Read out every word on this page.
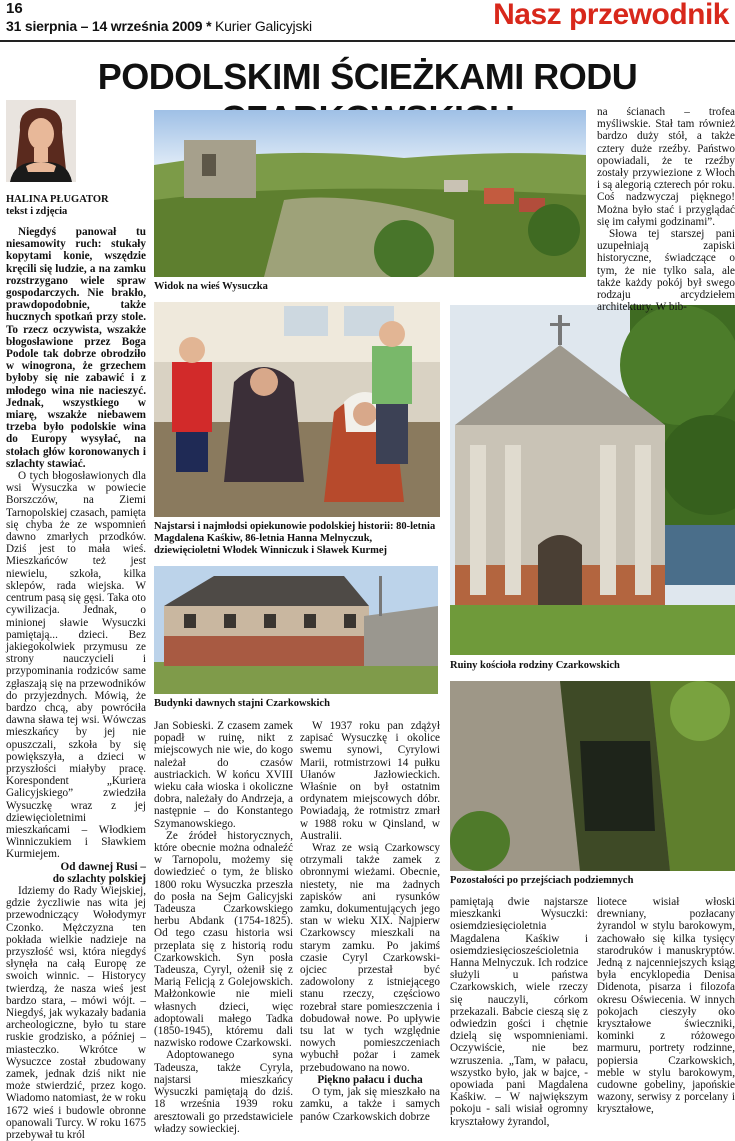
16
31 sierpnia – 14 września 2009 * Kurier Galicyjski	Nasz przewodnik
PODOLSKIMI ŚCIEŻKAMI RODU
HALINA PŁUGATOR
tekst i zdjęcia

Niegdyś panował tu niesamowity ruch: stukały kopytami konie, wszędzie kręcili się ludzie, a na zamku rozstrzygano wiele spraw gospodarczych. Nie brakło, prawdopodobnie, także hucznych spotkań przy stole. To rzecz oczywista, wszakże błogosławione przez Boga Podole tak dobrze obrodziło w winogrona, że grzechem byłoby się nie zabawić i z młodego wina nie nacieszyć. Jednak, wszystkiego w miarę, wszakże niebawem trzeba było podolskie wina do Europy wysyłać, na stołach głów koronowanych i szlachty stawiać.

O tych błogosławionych dla wsi Wysuczka w powiecie Borszczów, na Ziemi Tarnopolskiej czasach, pamięta się chyba że ze wspomnień dawno zmarłych przodków. Dziś jest to mała wieś. Mieszkańców też jest niewielu, szkoła, kilka sklepów, rada wiejska. W centrum pasą się gęsi. Taka oto cywilizacja. Jednak, o minionej sławie Wysuczki pamiętają... dzieci. Bez jakiegokolwiek przymusu ze strony nauczycieli i przypominania rodziców same zgłaszają się na przewodników do przyjezdnych. Mówią, że bardzo chcą, aby powróciła dawna sława tej wsi. Wówczas mieszkańcy by jej nie opuszczali, szkoła by się powiększyła, a dzieci w przyszłości miałyby pracę. Korespondent „Kuriera Galicyjskiego” zwiedziła Wysuczkę wraz z jej dziewięcioletnimi mieszkańcami – Włodkiem Winniczukiem i Sławkiem Kurmiejem.

Od dawnej Rusi –

do szlachty polskiej

Idziemy do Rady Wiejskiej, gdzie życzliwie nas wita jej przewodniczący Wołodymyr Czonko. Mężczyzna ten pokłada wielkie nadzieje na przyszłość wsi, która niegdyś słynęła na całą Europę ze swoich winnic. – Historycy twierdzą, że nasza wieś jest bardzo stara, – mówi wójt. – Niegdyś, jak wykazały badania archeologiczne, było tu stare ruskie grodzisko, a później – miasteczko. Wkrótce w Wysuczce został zbudowany zamek, jednak dziś nikt nie może stwierdzić, przez kogo. Wiadomo natomiast, że w roku 1672 wieś i budowle obronne opanowali Turcy. W roku 1675 przebywał tu król

Widok na wieś Wysuczka
Najstarsi i najmłodsi opiekunowie podolskiej historii: 80-letnia Magdalena Kaśkiw, 86-letnia Hanna Melnyczuk, dziewięcioletni Włodek Winniczuk i Sławek Kurmej
Budynki dawnych stajni Czarkowskich

Jan Sobieski. Z czasem zamek popadł w ruinę, nikt z miejscowych nie wie, do kogo należał do czasów austriackich. W końcu XVIII wieku cała wioska i okoliczne dobra, należały do Andrzeja, a następnie – do Konstantego Szymanowskiego.

Ze źródeł historycznych, które obecnie można odnaleźć w Tarnopolu, możemy się dowiedzieć o tym, że blisko 1800 roku Wysuczka przeszła do posła na Sejm Galicyjski Tadeusza Czarkowskiego herbu Abdank (1754-1825). Od tego czasu historia wsi przeplata się z historią rodu Czarkowskich. Syn posła Tadeusza, Cyryl, ożenił się z Marią Felicją z Golejowskich. Małżonkowie nie mieli własnych dzieci, więc adoptowali małego Tadka (1850-1945), któremu dali nazwisko rodowe Czarkowski.

Adoptowanego syna Tadeusza, także Cyryla, najstarsi mieszkańcy Wysuczki pamiętają do dziś. 18 września 1939 roku aresztowali go przedstawiciele władzy sowieckiej.

W 1937 roku pan zdążył zapisać Wysuczkę i okolice swemu synowi, Cyrylowi Marii, rotmistrzowi 14 pułku Ułanów Jazłowieckich. Właśnie on był ostatnim ordynatem miejscowych dóbr. Powiadają, że rotmistrz zmarł w 1988 roku w Qinsland, w Australii.

Wraz ze wsią Czarkowscy otrzymali także zamek z obronnymi wieżami. Obecnie, niestety, nie ma żadnych zapisków ani rysunków zamku, dokumentujących jego stan w wieku XIX. Najpierw Czarkowscy mieszkali na starym zamku. Po jakimś czasie Cyryl Czarkowski-ojciec przestał być zadowolony z istniejącego stanu rzeczy, częściowo rozebrał stare pomieszczenia i dobudował nowe. Po upływie tsu lat w tych względnie nowych pomieszczeniach wybuchł pożar i zamek przebudowano na nowo.

Piękno pałacu i ducha

O tym, jak się mieszkało na zamku, a także i samych panów Czarkowskich dobrze

Ruiny kościoła rodziny Czarkowskich
Pozostałości po przejściach podziemnych

pamiętają dwie najstarsze mieszkanki Wysuczki: osiemdziesięcioletnia Magdalena Kaśkiw i osiemdziesięciosześcioletnia Hanna Melnyczuk. Ich rodzice służyli u państwa Czarkowskich, wiele rzeczy się nauczyli, córkom przekazali. Babcie cieszą się z odwiedzin gości i chętnie dzielą się wspomnieniami. Oczywiście, nie bez wzruszenia. „Tam, w pałacu, wszystko było, jak w bajce, - opowiada pani Magdalena Kaśkiw. – W największym pokoju - sali wisiał ogromny kryształowy żyrandol,

liotece wisiał włoski drewniany, pozłacany żyrandol w stylu barokowym, zachowało się kilka tysięcy starodruków i manuskryptów. Jedną z najcenniejszych ksiąg była encyklopedia Denisa Didenota, pisarza i filozofa okresu Oświecenia. W innych pokojach cieszyły oko kryształowe świeczniki, kominki z różowego marmuru, portrety rodzinne, popiersia Czarkowskich, meble w stylu barokowym, cudowne gobeliny, japońskie wazony, serwisy z porcelany i kryształowe,

na ścianach – trofea myśliwskie. Stał tam również bardzo duży stół, a także cztery duże rzeźby. Państwo opowiadali, że te rzeźby zostały przywiezione z Włoch i są alegorią czterech pór roku. Coś nadzwyczaj pięknego! Można było stać i przyglądać się im całymi godzinami”.

Słowa tej starszej pani uzupełniają zapiski historyczne, świadczące o tym, że nie tylko sala, ale także każdy pokój był swego rodzaju arcydziełem architektury. W bib-
